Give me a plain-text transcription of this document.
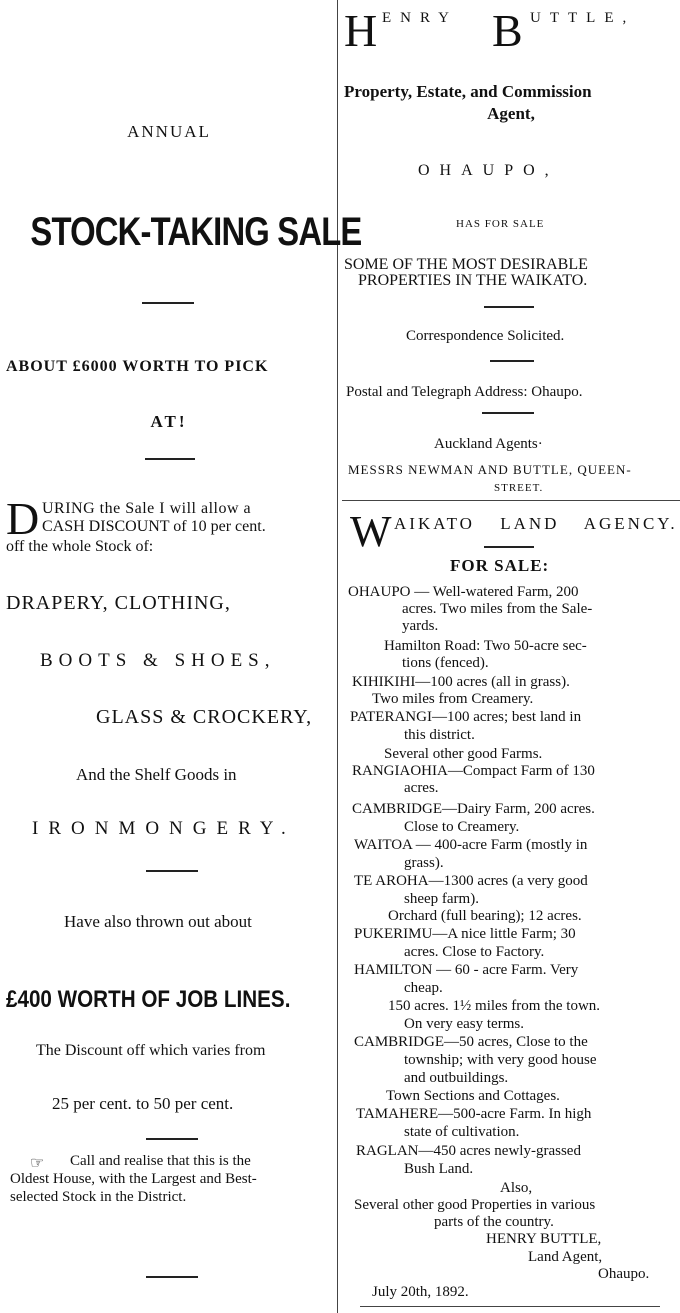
ANNUAL
STOCK-TAKING SALE
ABOUT £6000 WORTH TO PICK
AT!
D URING the Sale I will allow a
CASH DISCOUNT of 10 per cent.
off the whole Stock of:
DRAPERY, CLOTHING,
BOOTS & SHOES,
GLASS & CROCKERY,
And the Shelf Goods in
IRONMONGERY.
Have also thrown out about
£400 WORTH OF JOB LINES.
The Discount off which varies from
25 per cent. to 50 per cent.
☞ Call and realise that this is the
Oldest House, with the Largest and Best-
selected Stock in the District.
H ENRY B UTTLE,
Property, Estate, and Commission
Agent,
OHAUPO,
HAS FOR SALE
SOME OF THE MOST DESIRABLE
PROPERTIES IN THE WAIKATO.
Correspondence Solicited.
Postal and Telegraph Address: Ohaupo.
Auckland Agents·
MESSRS NEWMAN AND BUTTLE, QUEEN-
STREET.
W AIKATO LAND AGENCY.
FOR SALE:
OHAUPO — Well-watered Farm, 200
acres. Two miles from the Sale-
yards.
Hamilton Road: Two 50-acre sec-
tions (fenced).
KIHIKIHI—100 acres (all in grass).
Two miles from Creamery.
PATERANGI—100 acres; best land in
this district.
Several other good Farms.
RANGIAOHIA—Compact Farm of 130
acres.
CAMBRIDGE—Dairy Farm, 200 acres.
Close to Creamery.
WAITOA — 400-acre Farm (mostly in
grass).
TE AROHA—1300 acres (a very good
sheep farm).
Orchard (full bearing); 12 acres.
PUKERIMU—A nice little Farm; 30
acres. Close to Factory.
HAMILTON — 60 - acre Farm. Very
cheap.
150 acres. 1½ miles from the town.
On very easy terms.
CAMBRIDGE—50 acres, Close to the
township; with very good house
and outbuildings.
Town Sections and Cottages.
TAMAHERE—500-acre Farm. In high
state of cultivation.
RAGLAN—450 acres newly-grassed
Bush Land.
Also,
Several other good Properties in various
parts of the country.
HENRY BUTTLE,
Land Agent,
Ohaupo.
July 20th, 1892.
